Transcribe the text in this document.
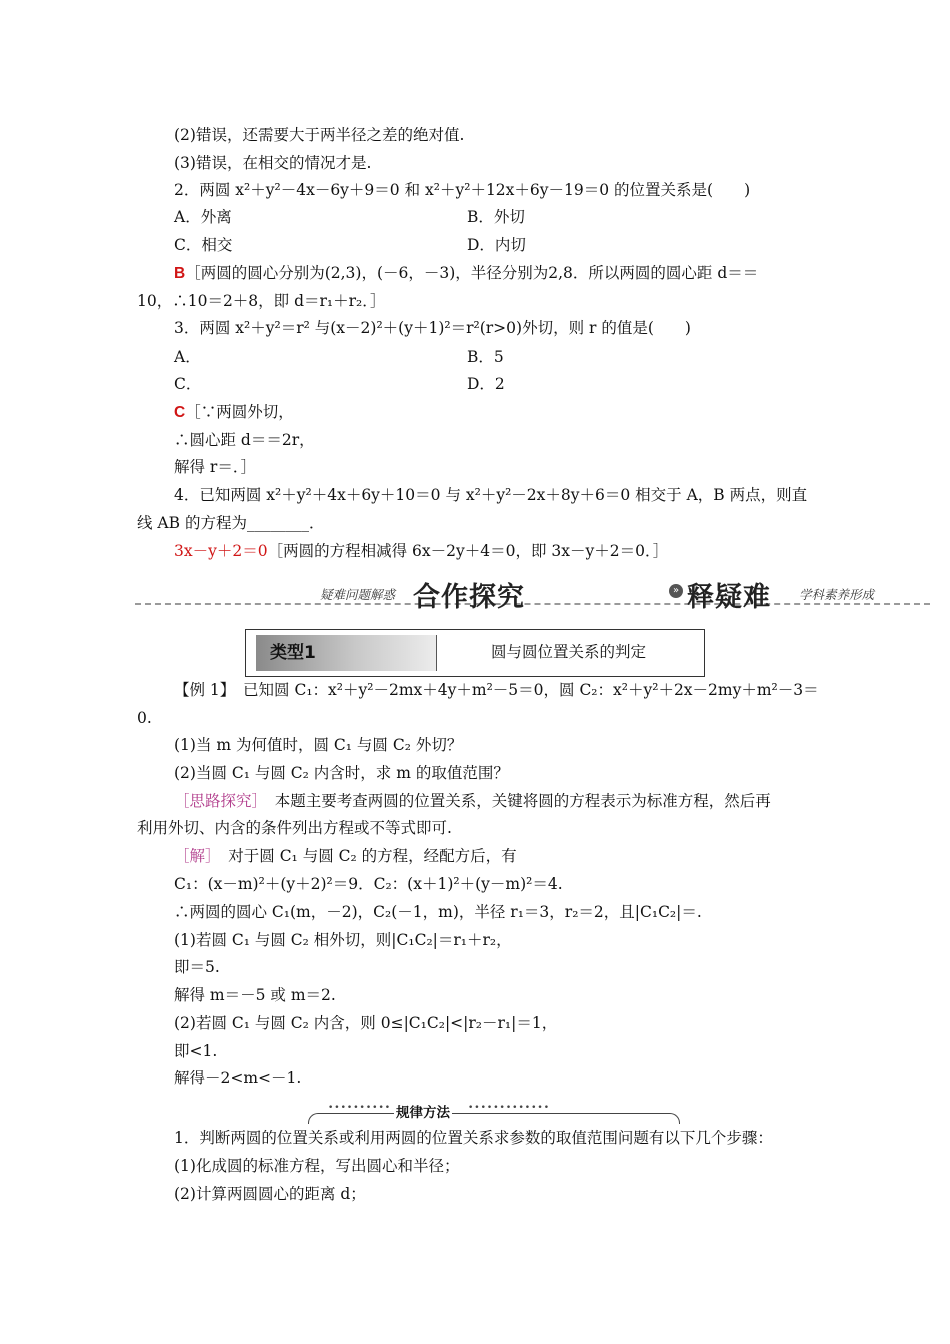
(2)错误，还需要大于两半径之差的绝对值.
(3)错误，在相交的情况才是.
2．两圆 x²＋y²－4x－6y＋9＝0 和 x²＋y²＋12x＋6y－19＝0 的位置关系是(　　)
A．外离	B．外切
C．相交	D．内切
B［两圆的圆心分别为(2,3)，(－6，－3)，半径分别为2,8．所以两圆的圆心距 d＝＝
10，∴10＝2＋8，即 d＝r₁＋r₂．］
3．两圆 x²＋y²＝r² 与(x－2)²＋(y＋1)²＝r²(r>0)外切，则 r 的值是(　　)
A．	B．5
C．	D．2
C［∵两圆外切，
∴圆心距 d＝＝2r，
解得 r＝．］
4．已知两圆 x²＋y²＋4x＋6y＋10＝0 与 x²＋y²－2x＋8y＋6＝0 相交于 A，B 两点，则直
线 AB 的方程为________．
3x－y＋2＝0［两圆的方程相减得 6x－2y＋4＝0，即 3x－y＋2＝0．］
【例 1】　已知圆 C₁：x²＋y²－2mx＋4y＋m²－5＝0，圆 C₂：x²＋y²＋2x－2my＋m²－3＝
0.
(1)当 m 为何值时，圆 C₁ 与圆 C₂ 外切？
(2)当圆 C₁ 与圆 C₂ 内含时，求 m 的取值范围？
［思路探究］　本题主要考查两圆的位置关系，关键将圆的方程表示为标准方程，然后再
利用外切、内含的条件列出方程或不等式即可.
［解］　对于圆 C₁ 与圆 C₂ 的方程，经配方后，有
C₁：(x－m)²＋(y＋2)²＝9．C₂：(x＋1)²＋(y－m)²＝4.
∴两圆的圆心 C₁(m，－2)，C₂(－1，m)，半径 r₁＝3，r₂＝2，且|C₁C₂|＝.
(1)若圆 C₁ 与圆 C₂ 相外切，则|C₁C₂|＝r₁＋r₂，
即＝5.
解得 m＝－5 或 m＝2.
(2)若圆 C₁ 与圆 C₂ 内含，则 0≤|C₁C₂|<|r₂－r₁|＝1，
即<1.
解得－2<m<－1.
1．判断两圆的位置关系或利用两圆的位置关系求参数的取值范围问题有以下几个步骤：
(1)化成圆的标准方程，写出圆心和半径；
(2)计算两圆圆心的距离 d；
疑难问题解惑 合作探究	» 释疑难 学科素养形成
类型1	圆与圆位置关系的判定
•••••••••• 规律方法 •••••••••••••
